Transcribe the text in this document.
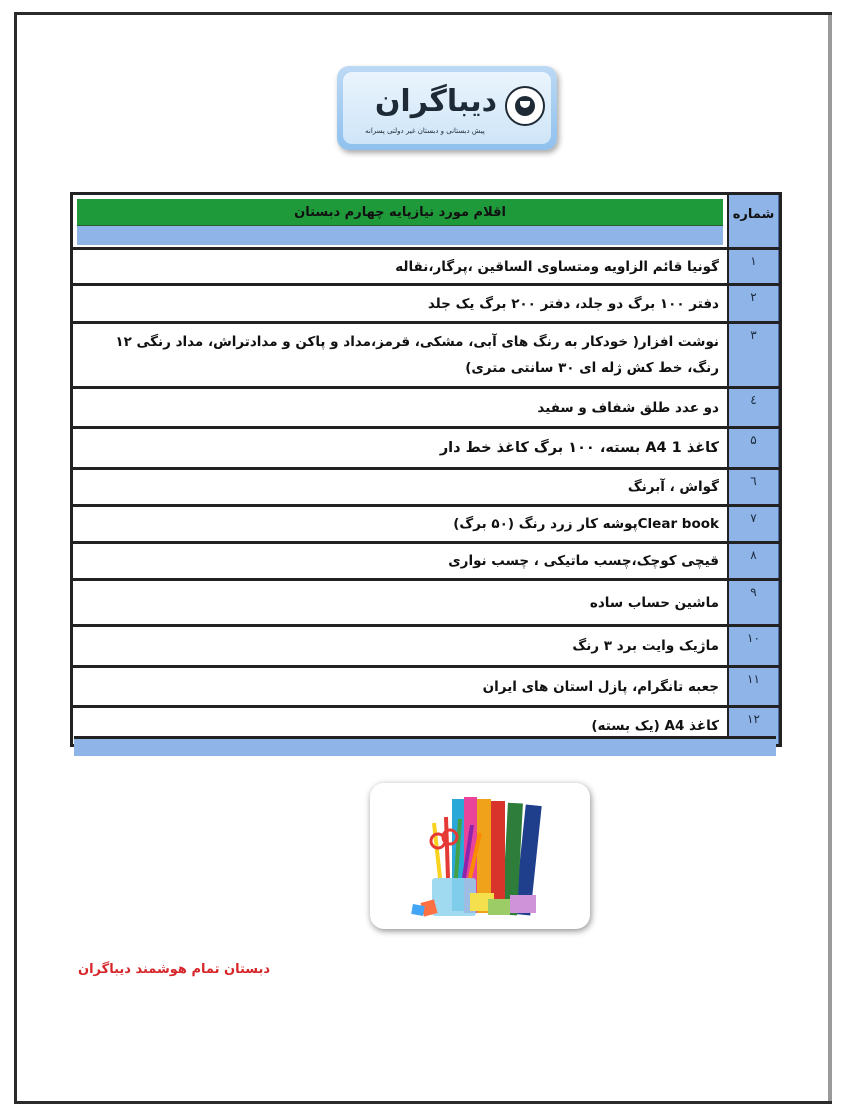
دیباگران
پیش دبستانی و دبستان غیر دولتی پسرانه
شماره
اقلام مورد نیازپایه چهارم دبستان
۱
گونیا قائم الزاویه ومتساوی الساقین ،پرگار،نقاله
۲
دفتر ۱۰۰ برگ دو جلد، دفتر ۲۰۰ برگ یک جلد
۳
نوشت افزار( خودکار به رنگ های آبی، مشکی، قرمز،مداد و پاکن و مدادتراش، مداد رنگی ۱۲ رنگ، خط کش ژله ای ۳۰ سانتی متری)
٤
دو عدد طلق شفاف و سفید
۵
کاغذ A4 1 بسته، ۱۰۰ برگ کاغذ خط دار
٦
گواش ، آبرنگ
۷
Clear bookپوشه کار زرد رنگ (۵۰ برگ)
۸
قیچی کوچک،چسب ماتیکی ، چسب نواری
۹
ماشین حساب ساده
۱۰
ماژیک وایت برد ۳ رنگ
۱۱
جعبه تانگرام، پازل استان های ایران
۱۲
کاغذ A4 (یک بسته)
دبستان تمام هوشمند دیباگران
